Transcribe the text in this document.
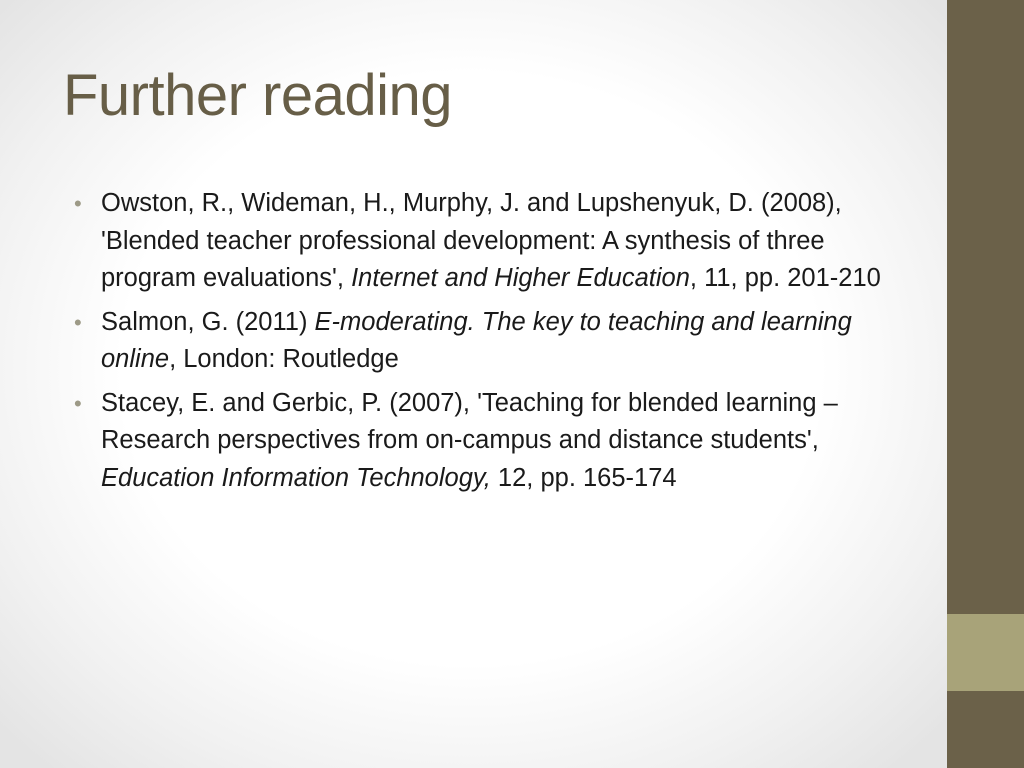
Further reading
• Owston, R., Wideman, H., Murphy, J. and Lupshenyuk, D. (2008), 'Blended teacher professional development: A synthesis of three program evaluations', Internet and Higher Education, 11, pp. 201-210
• Salmon, G. (2011) E-moderating. The key to teaching and learning online, London: Routledge
• Stacey, E. and Gerbic, P. (2007), 'Teaching for blended learning – Research perspectives from on-campus and distance students', Education Information Technology, 12, pp. 165-174
